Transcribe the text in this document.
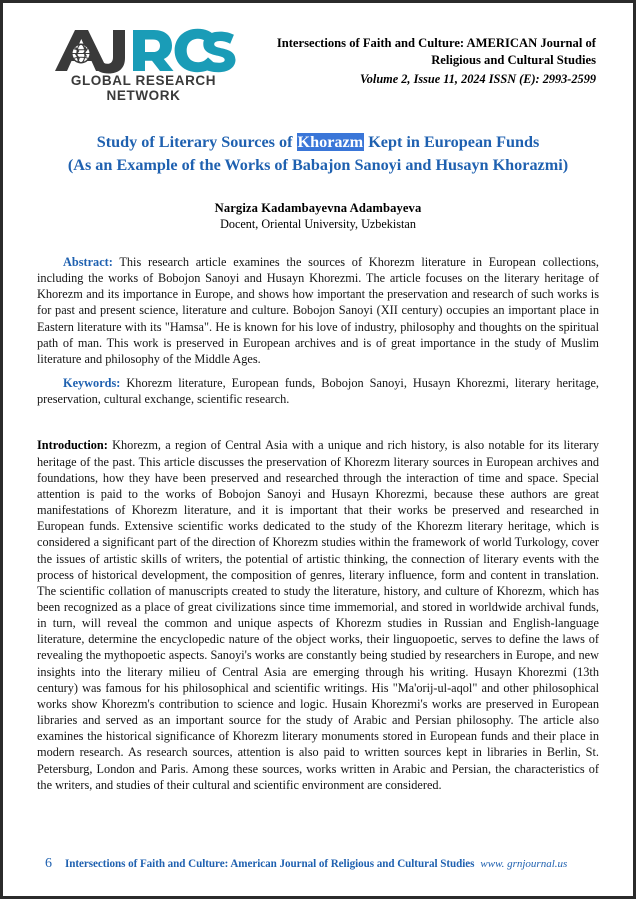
GLOBAL RESEARCH NETWORK
Intersections of Faith and Culture: AMERICAN Journal of
Religious and Cultural Studies
Volume 2, Issue 11, 2024 ISSN (E): 2993-2599
Study of Literary Sources of Khorazm Kept in European Funds
(As an Example of the Works of Babajon Sanoyi and Husayn Khorazmi)
Nargiza Kadambayevna Adambayeva
Docent, Oriental University, Uzbekistan

Abstract: This research article examines the sources of Khorezm literature in European collections, including the works of Bobojon Sanoyi and Husayn Khorezmi. The article focuses on the literary heritage of Khorezm and its importance in Europe, and shows how important the preservation and research of such works is for past and present science, literature and culture. Bobojon Sanoyi (XII century) occupies an important place in Eastern literature with its "Hamsa". He is known for his love of industry, philosophy and thoughts on the spiritual path of man. This work is preserved in European archives and is of great importance in the study of Muslim literature and philosophy of the Middle Ages.

Keywords: Khorezm literature, European funds, Bobojon Sanoyi, Husayn Khorezmi, literary heritage, preservation, cultural exchange, scientific research.

Introduction: Khorezm, a region of Central Asia with a unique and rich history, is also notable for its literary heritage of the past. This article discusses the preservation of Khorezm literary sources in European archives and foundations, how they have been preserved and researched through the interaction of time and space. Special attention is paid to the works of Bobojon Sanoyi and Husayn Khorezmi, because these authors are great manifestations of Khorezm literature, and it is important that their works be preserved and researched in European funds. Extensive scientific works dedicated to the study of the Khorezm literary heritage, which is considered a significant part of the direction of Khorezm studies within the framework of world Turkology, cover the issues of artistic skills of writers, the potential of artistic thinking, the connection of literary events with the process of historical development, the composition of genres, literary influence, form and content in translation. The scientific collation of manuscripts created to study the literature, history, and culture of Khorezm, which has been recognized as a place of great civilizations since time immemorial, and stored in worldwide archival funds, in turn, will reveal the common and unique aspects of Khorezm studies in Russian and English-language literature, determine the encyclopedic nature of the object works, their linguopoetic, serves to define the laws of revealing the mythopoetic aspects. Sanoyi's works are constantly being studied by researchers in Europe, and new insights into the literary milieu of Central Asia are emerging through his writing. Husayn Khorezmi (13th century) was famous for his philosophical and scientific writings. His "Ma'orij-ul-aqol" and other philosophical works show Khorezm's contribution to science and logic. Husain Khorezmi's works are preserved in European libraries and served as an important source for the study of Arabic and Persian philosophy. The article also examines the historical significance of Khorezm literary monuments stored in European funds and their place in modern research. As research sources, attention is also paid to written sources kept in libraries in Berlin, St. Petersburg, London and Paris. Among these sources, works written in Arabic and Persian, the characteristics of the writers, and studies of their cultural and scientific environment are considered.

6	Intersections of Faith and Culture: American Journal of Religious and Cultural Studies www. grnjournal.us
